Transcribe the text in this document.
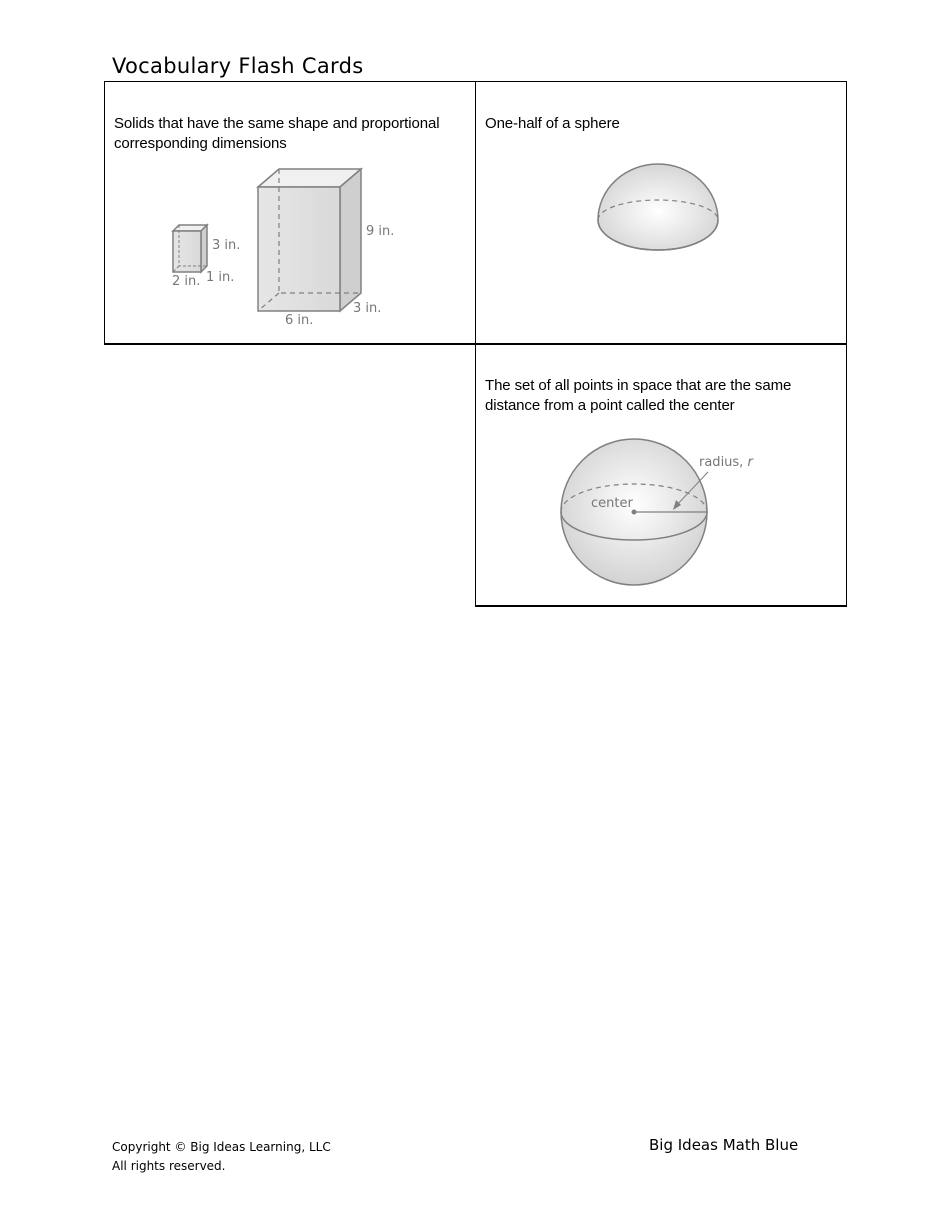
Vocabulary Flash Cards
Solids that have the same shape and proportional corresponding dimensions
3 in.
1 in.
2 in.
9 in.
3 in.
6 in.
One-half of a sphere
The set of all points in space that are the same distance from a point called the center
radius, r
center
Copyright © Big Ideas Learning, LLC
All rights reserved.
Big Ideas Math Blue
